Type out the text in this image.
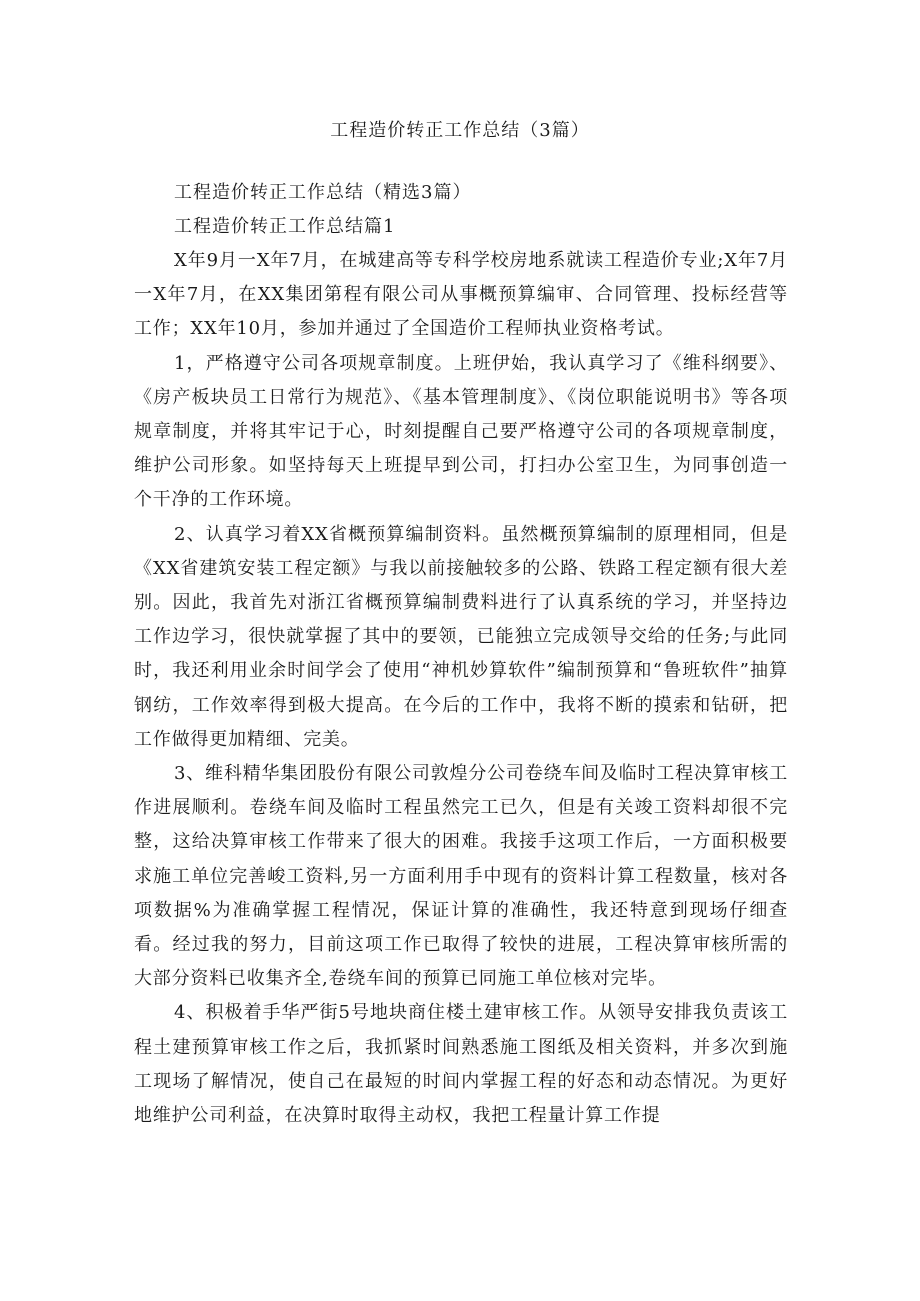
工程造价转正工作总结（3篇）
工程造价转正工作总结（精选3篇）
工程造价转正工作总结篇1

X年9月一X年7月，在城建高等专科学校房地系就读工程造价专业;X年7月一X年7月，在XX集团第程有限公司从事概预算编审、合同管理、投标经营等工作；XX年10月，参加并通过了全国造价工程师执业资格考试。

1，严格遵守公司各项规章制度。上班伊始，我认真学习了《维科纲要》、《房产板块员工日常行为规范》、《基本管理制度》、《岗位职能说明书》等各项规章制度，并将其牢记于心，时刻提醒自己要严格遵守公司的各项规章制度，维护公司形象。如坚持每天上班提早到公司，打扫办公室卫生，为同事创造一个干净的工作环境。

2、认真学习着XX省概预算编制资料。虽然概预算编制的原理相同，但是《XX省建筑安装工程定额》与我以前接触较多的公路、铁路工程定额有很大差别。因此，我首先对浙江省概预算编制费料进行了认真系统的学习，并坚持边工作边学习，很快就掌握了其中的要领，已能独立完成领导交给的任务;与此同时，我还利用业余时间学会了使用“神机妙算软件”编制预算和“鲁班软件”抽算钢纺，工作效率得到极大提高。在今后的工作中，我将不断的摸索和钻研，把工作做得更加精细、完美。

3、维科精华集团股份有限公司敦煌分公司卷绕车间及临时工程决算审核工作进展顺利。卷绕车间及临时工程虽然完工已久，但是有关竣工资料却很不完整，这给决算审核工作带来了很大的困难。我接手这项工作后，一方面积极要求施工单位完善峻工资料,另一方面利用手中现有的资料计算工程数量，核对各项数据%为准确掌握工程情况，保证计算的准确性，我还特意到现场仔细查看。经过我的努力，目前这项工作已取得了较快的进展，工程决算审核所需的大部分资料已收集齐全,卷绕车间的预算已同施工单位核对完毕。

4、积极着手华严街5号地块商住楼土建审核工作。从领导安排我负责该工程土建预算审核工作之后，我抓紧时间熟悉施工图纸及相关资料，并多次到施工现场了解情况，使自己在最短的时间内掌握工程的好态和动态情况。为更好地维护公司利益，在决算时取得主动权，我把工程量计算工作提
